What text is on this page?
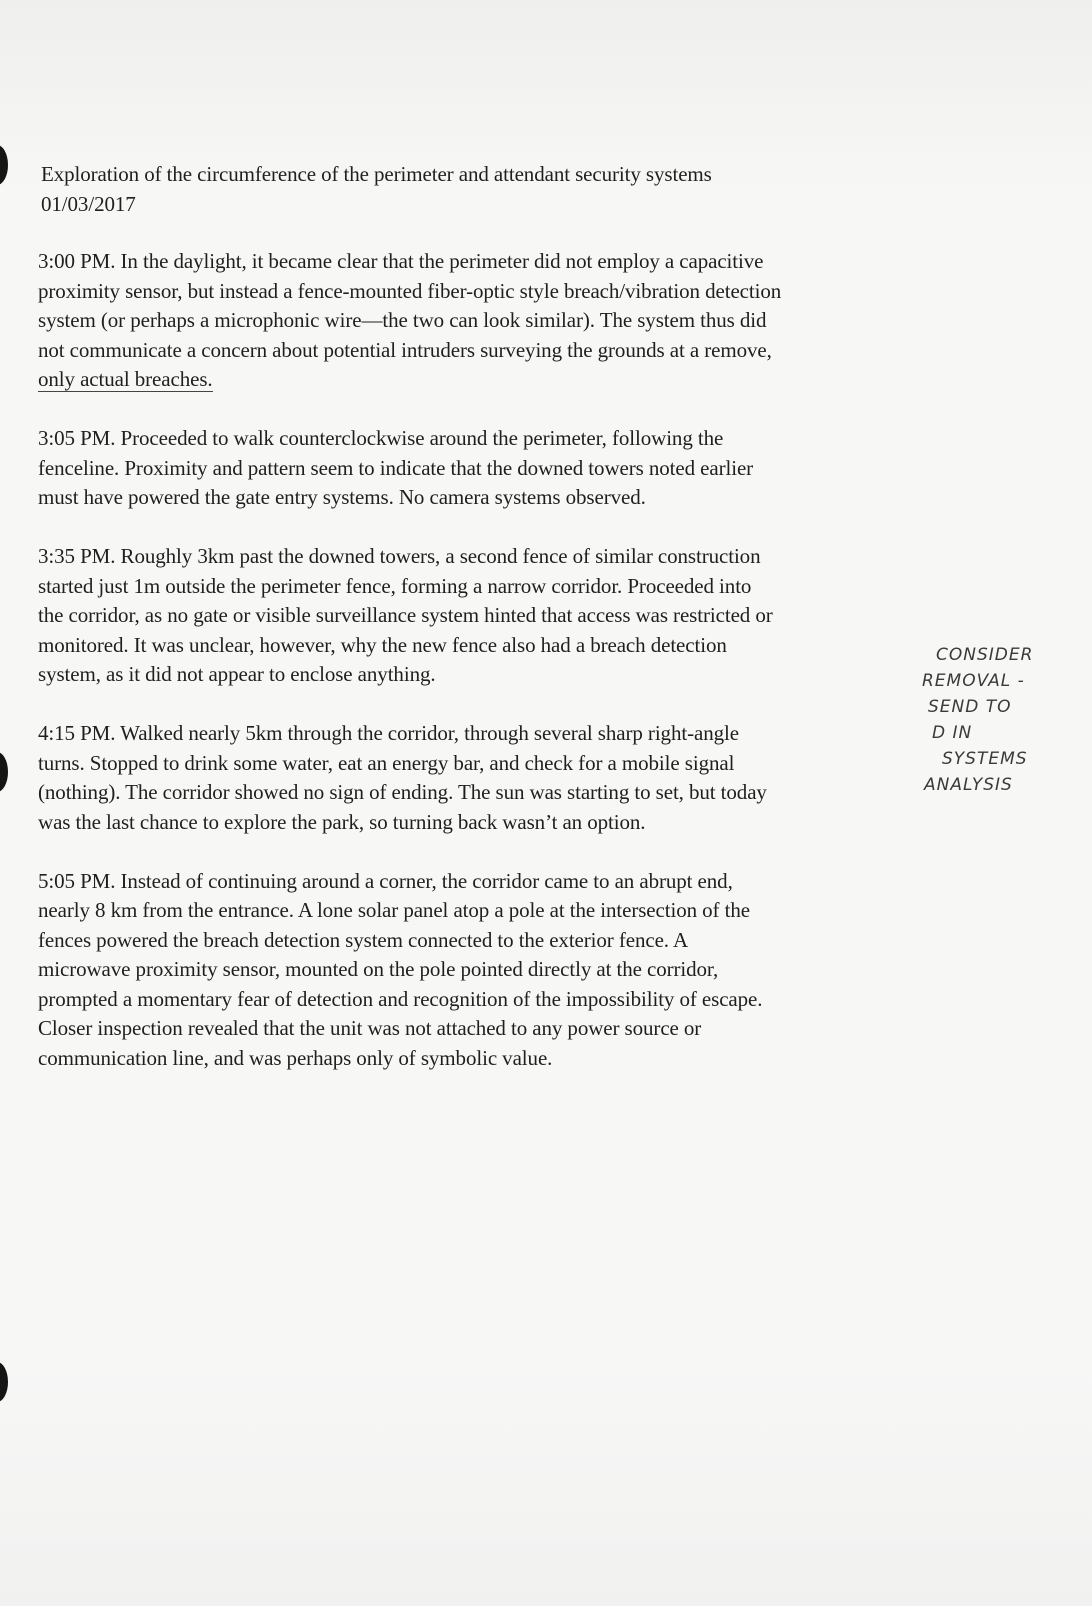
Exploration of the circumference of the perimeter and attendant security systems
01/03/2017

3:00 PM. In the daylight, it became clear that the perimeter did not employ a capacitive

proximity sensor, but instead a fence-mounted fiber-optic style breach/vibration detection

system (or perhaps a microphonic wire—the two can look similar). The system thus did

not communicate a concern about potential intruders surveying the grounds at a remove,

only actual breaches.

3:05 PM. Proceeded to walk counterclockwise around the perimeter, following the

fenceline. Proximity and pattern seem to indicate that the downed towers noted earlier

must have powered the gate entry systems. No camera systems observed.

3:35 PM. Roughly 3km past the downed towers, a second fence of similar construction

started just 1m outside the perimeter fence, forming a narrow corridor. Proceeded into

the corridor, as no gate or visible surveillance system hinted that access was restricted or

monitored. It was unclear, however, why the new fence also had a breach detection

system, as it did not appear to enclose anything.

4:15 PM. Walked nearly 5km through the corridor, through several sharp right-angle

turns. Stopped to drink some water, eat an energy bar, and check for a mobile signal

(nothing). The corridor showed no sign of ending. The sun was starting to set, but today

was the last chance to explore the park, so turning back wasn’t an option.

5:05 PM. Instead of continuing around a corner, the corridor came to an abrupt end,

nearly 8 km from the entrance. A lone solar panel atop a pole at the intersection of the

fences powered the breach detection system connected to the exterior fence. A

microwave proximity sensor, mounted on the pole pointed directly at the corridor,

prompted a momentary fear of detection and recognition of the impossibility of escape.

Closer inspection revealed that the unit was not attached to any power source or

communication line, and was perhaps only of symbolic value.

CONSIDER
REMOVAL -
SEND TO
D IN
SYSTEMS
ANALYSIS
